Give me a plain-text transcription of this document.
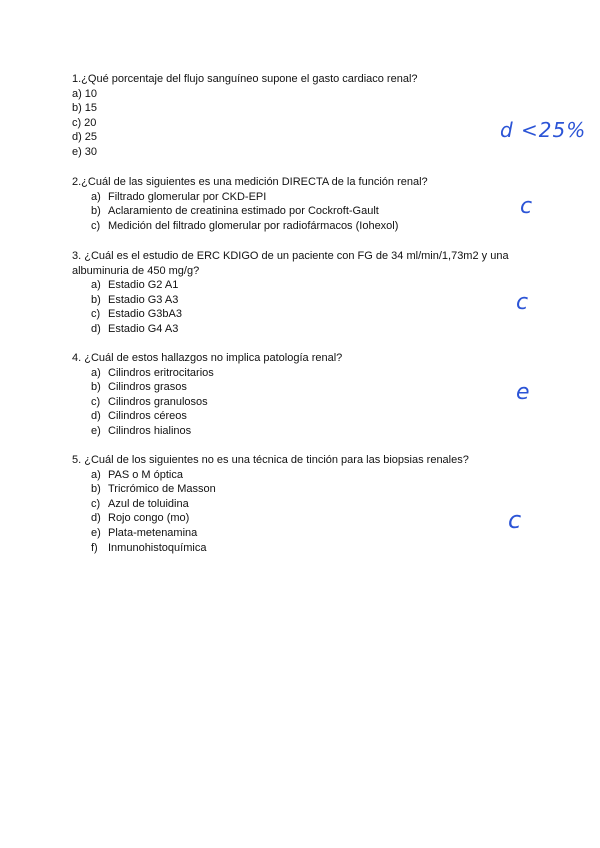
1.¿Qué porcentaje del flujo sanguíneo supone el gasto cardiaco renal?

a) 10
b) 15
c) 20
d) 25
e) 30
d <25%

2.¿Cuál de las siguientes es una medición DIRECTA de la función renal?

a) Filtrado glomerular por CKD-EPI
b) Aclaramiento de creatinina estimado por Cockroft-Gault
c) Medición del filtrado glomerular por radiofármacos (Iohexol)
c

3. ¿Cuál es el estudio de ERC KDIGO de un paciente con FG de 34 ml/min/1,73m2 y una albuminuria de 450 mg/g?

a) Estadio G2 A1
b) Estadio G3 A3
c) Estadio G3bA3
d) Estadio G4 A3
c

4. ¿Cuál de estos hallazgos no implica patología renal?

a) Cilindros eritrocitarios
b) Cilindros grasos
c) Cilindros granulosos
d) Cilindros céreos
e) Cilindros hialinos
e

5. ¿Cuál de los siguientes no es una técnica de tinción para las biopsias renales?

a) PAS o M óptica
b) Tricrómico de Masson
c) Azul de toluidina
d) Rojo congo (mo)
e) Plata-metenamina
f) Inmunohistoquímica
c
